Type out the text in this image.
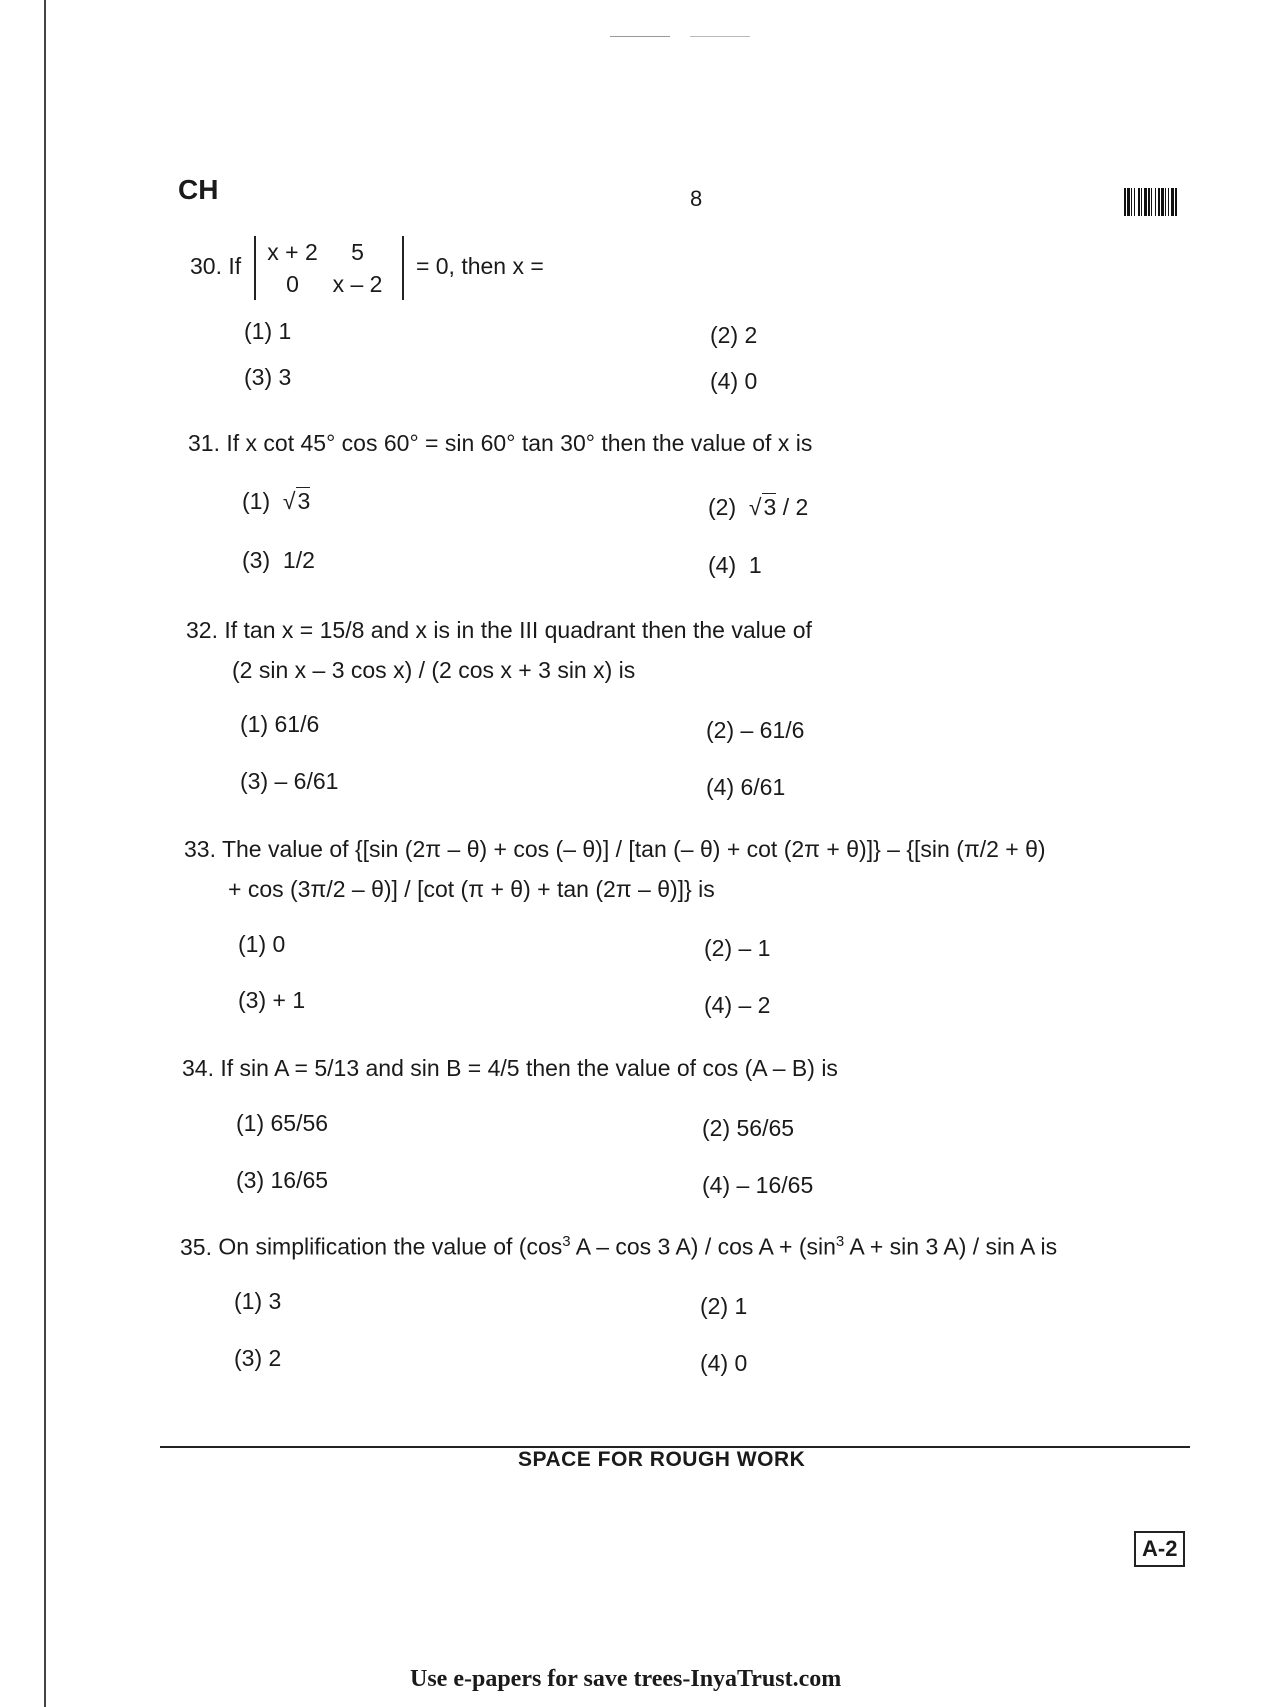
CH	8
30. If
x + 2	5
0	x – 2
= 0, then x =
(1) 1	(2) 2
(3) 3	(4) 0
31. If x cot 45° cos 60° = sin 60° tan 30° then the value of x is
(1) √3	(2) √3 / 2
(3) 1/2	(4) 1
32. If tan x = 15/8 and x is in the III quadrant then the value of
(2 sin x – 3 cos x) / (2 cos x + 3 sin x) is
(1) 61/6	(2) – 61/6
(3) – 6/61	(4) 6/61
33. The value of {[sin (2π – θ) + cos (– θ)] / [tan (– θ) + cot (2π + θ)]} – {[sin (π/2 + θ)
+ cos (3π/2 – θ)] / [cot (π + θ) + tan (2π – θ)]} is
(1) 0	(2) – 1
(3) + 1	(4) – 2
34. If sin A = 5/13 and sin B = 4/5 then the value of cos (A – B) is
(1) 65/56	(2) 56/65
(3) 16/65	(4) – 16/65
35. On simplification the value of ($\cos^3$ A – cos 3 $A) / \cos A + (\sin^3$ A + sin 3 A) / sin A is
(1) 3	(2) 1
(3) 2	(4) 0
SPACE FOR ROUGH WORK
A-2
Use e-papers for save trees-InyaTrust.com
